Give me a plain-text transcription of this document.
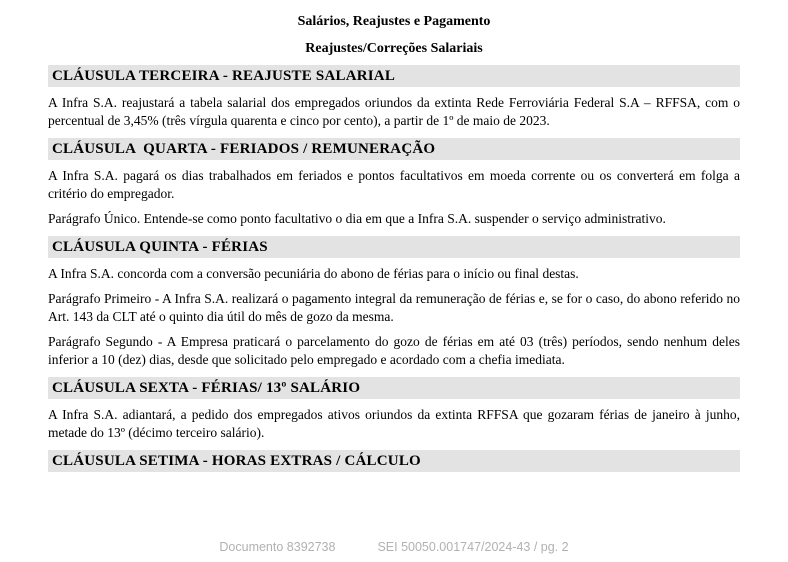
Salários, Reajustes e Pagamento
Reajustes/Correções Salariais
CLÁUSULA TERCEIRA - REAJUSTE SALARIAL

A Infra S.A. reajustará a tabela salarial dos empregados oriundos da extinta Rede Ferroviária Federal S.A – RFFSA, com o percentual de 3,45% (três vírgula quarenta e cinco por cento), a partir de 1º de maio de 2023.

CLÁUSULA  QUARTA - FERIADOS / REMUNERAÇÃO

A Infra S.A. pagará os dias trabalhados em feriados e pontos facultativos em moeda corrente ou os converterá em folga a critério do empregador.

Parágrafo Único. Entende-se como ponto facultativo o dia em que a Infra S.A. suspender o serviço administrativo.

CLÁUSULA QUINTA - FÉRIAS

A Infra S.A. concorda com a conversão pecuniária do abono de férias para o início ou final destas.

Parágrafo Primeiro - A Infra S.A. realizará o pagamento integral da remuneração de férias e, se for o caso, do abono referido no Art. 143 da CLT até o quinto dia útil do mês de gozo da mesma.

Parágrafo Segundo - A Empresa praticará o parcelamento do gozo de férias em até 03 (três) períodos, sendo nenhum deles inferior a 10 (dez) dias, desde que solicitado pelo empregado e acordado com a chefia imediata.

CLÁUSULA SEXTA - FÉRIAS/ 13º SALÁRIO

A Infra S.A. adiantará, a pedido dos empregados ativos oriundos da extinta RFFSA que gozaram férias de janeiro à junho, metade do 13º (décimo terceiro salário).

CLÁUSULA SETIMA - HORAS EXTRAS / CÁLCULO
Documento 8392738	SEI 50050.001747/2024-43 / pg. 2
